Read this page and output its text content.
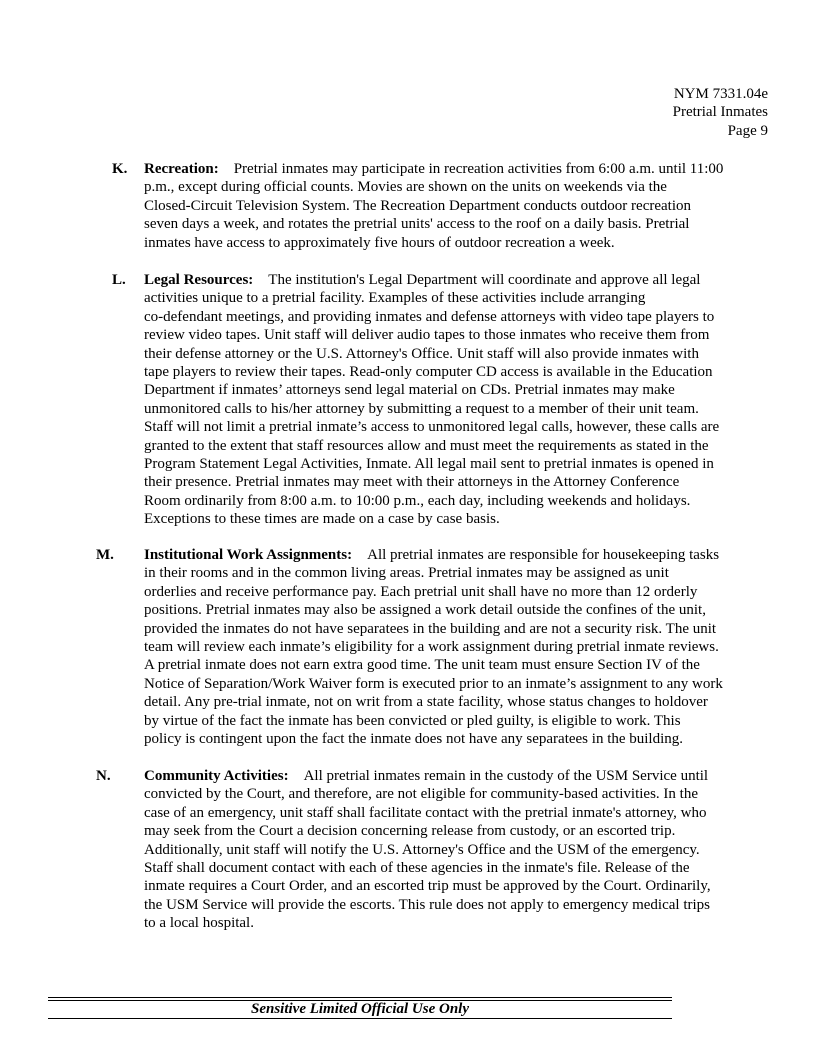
NYM 7331.04e
Pretrial Inmates
Page 9
K. Recreation: Pretrial inmates may participate in recreation activities from 6:00 a.m. until 11:00
p.m., except during official counts. Movies are shown on the units on weekends via the
Closed-Circuit Television System. The Recreation Department conducts outdoor recreation
seven days a week, and rotates the pretrial units' access to the roof on a daily basis. Pretrial
inmates have access to approximately five hours of outdoor recreation a week.
L. Legal Resources: The institution's Legal Department will coordinate and approve all legal
activities unique to a pretrial facility. Examples of these activities include arranging
co-defendant meetings, and providing inmates and defense attorneys with video tape players to
review video tapes. Unit staff will deliver audio tapes to those inmates who receive them from
their defense attorney or the U.S. Attorney's Office. Unit staff will also provide inmates with
tape players to review their tapes. Read-only computer CD access is available in the Education
Department if inmates’ attorneys send legal material on CDs. Pretrial inmates may make
unmonitored calls to his/her attorney by submitting a request to a member of their unit team.
Staff will not limit a pretrial inmate’s access to unmonitored legal calls, however, these calls are
granted to the extent that staff resources allow and must meet the requirements as stated in the
Program Statement Legal Activities, Inmate. All legal mail sent to pretrial inmates is opened in
their presence. Pretrial inmates may meet with their attorneys in the Attorney Conference
Room ordinarily from 8:00 a.m. to 10:00 p.m., each day, including weekends and holidays.
Exceptions to these times are made on a case by case basis.
M. Institutional Work Assignments: All pretrial inmates are responsible for housekeeping tasks
in their rooms and in the common living areas. Pretrial inmates may be assigned as unit
orderlies and receive performance pay. Each pretrial unit shall have no more than 12 orderly
positions. Pretrial inmates may also be assigned a work detail outside the confines of the unit,
provided the inmates do not have separatees in the building and are not a security risk. The unit
team will review each inmate’s eligibility for a work assignment during pretrial inmate reviews.
A pretrial inmate does not earn extra good time. The unit team must ensure Section IV of the
Notice of Separation/Work Waiver form is executed prior to an inmate’s assignment to any work
detail. Any pre-trial inmate, not on writ from a state facility, whose status changes to holdover
by virtue of the fact the inmate has been convicted or pled guilty, is eligible to work. This
policy is contingent upon the fact the inmate does not have any separatees in the building.
N. Community Activities: All pretrial inmates remain in the custody of the USM Service until
convicted by the Court, and therefore, are not eligible for community-based activities. In the
case of an emergency, unit staff shall facilitate contact with the pretrial inmate's attorney, who
may seek from the Court a decision concerning release from custody, or an escorted trip.
Additionally, unit staff will notify the U.S. Attorney's Office and the USM of the emergency.
Staff shall document contact with each of these agencies in the inmate's file. Release of the
inmate requires a Court Order, and an escorted trip must be approved by the Court. Ordinarily,
the USM Service will provide the escorts. This rule does not apply to emergency medical trips
to a local hospital.
Sensitive Limited Official Use Only
